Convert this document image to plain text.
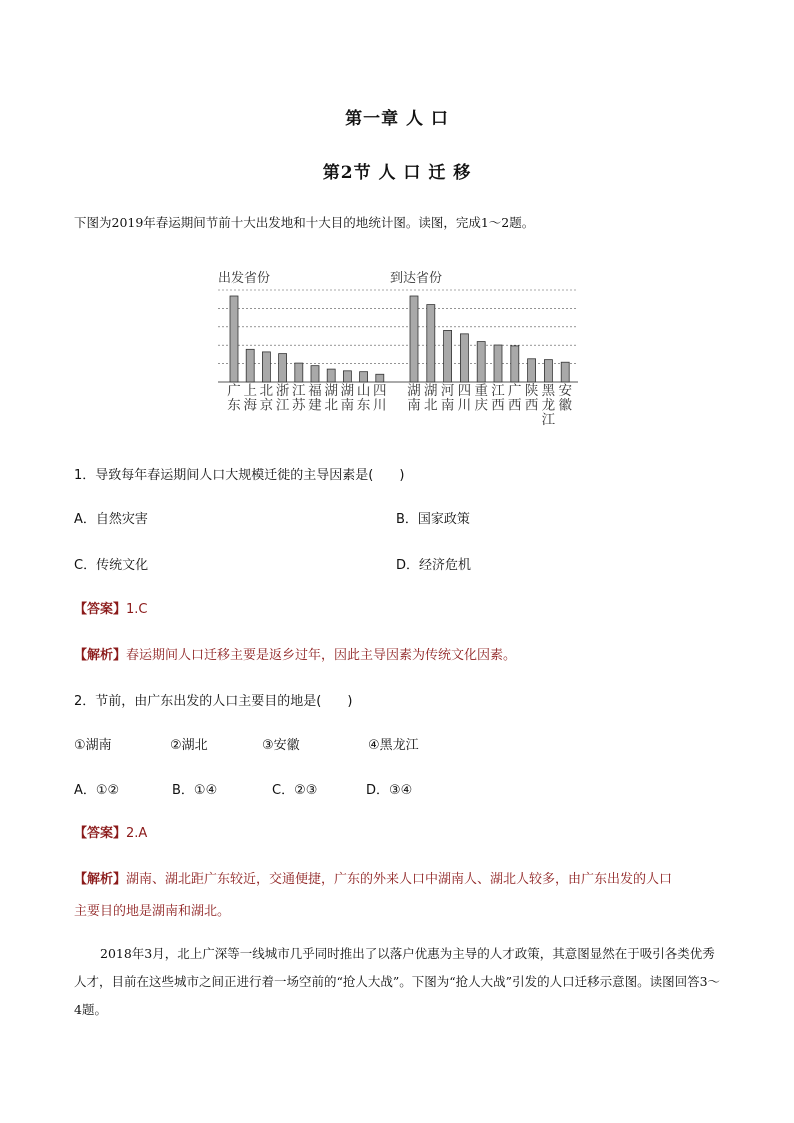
第一章 人 口
第2节 人 口 迁 移
下图为2019年春运期间节前十大出发地和十大目的地统计图。读图，完成1～2题。
出发省份	到达省份
广东
上海
北京
浙江
江苏
福建
湖北
湖南
山东
四川
湖南
湖北
河南
四川
重庆
江西
广西
陕西
黑龙江
安徽
1．导致每年春运期间人口大规模迁徙的主导因素是(　　)
A．自然灾害	B．国家政策
C．传统文化	D．经济危机
【答案】1.C
【解析】春运期间人口迁移主要是返乡过年，因此主导因素为传统文化因素。
2．节前，由广东出发的人口主要目的地是(　　)
①湖南	②湖北	③安徽	④黑龙江
A．①②	B．①④	C．②③	D．③④
【答案】2.A
【解析】湖南、湖北距广东较近，交通便捷，广东的外来人口中湖南人、湖北人较多，由广东出发的人口
主要目的地是湖南和湖北。
2018年3月，北上广深等一线城市几乎同时推出了以落户优惠为主导的人才政策，其意图显然在于吸引各类优秀人才，目前在这些城市之间正进行着一场空前的“抢人大战”。下图为“抢人大战”引发的人口迁移示意图。读图回答3～4题。
